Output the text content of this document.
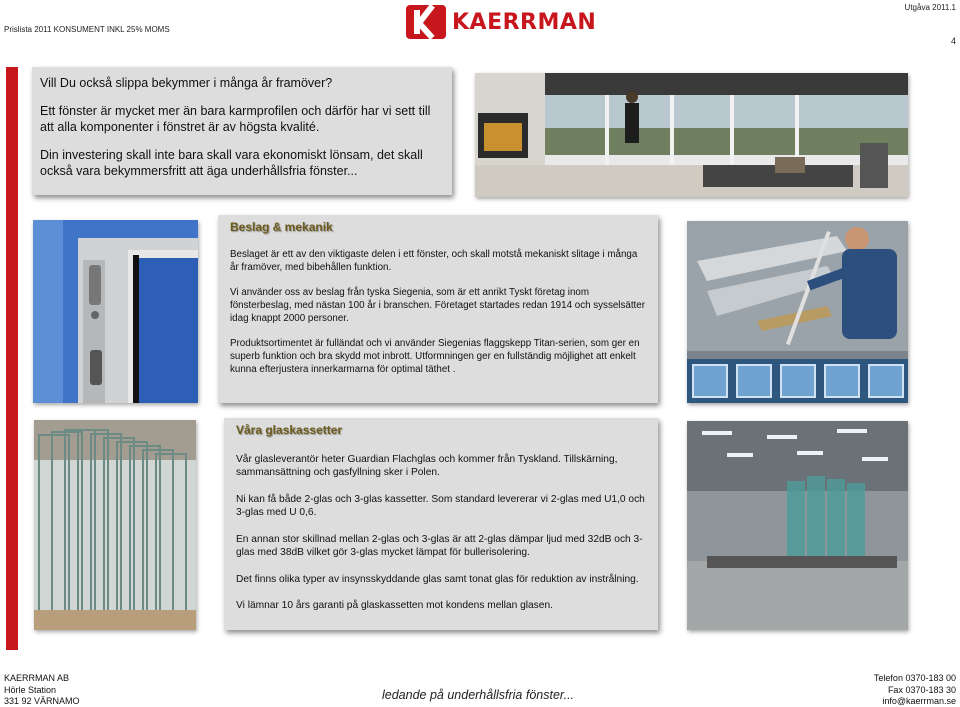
Prislista 2011 KONSUMENT INKL 25% MOMS	KAERRMAN
Utgåva 2011.1
4

Vill Du också slippa bekymmer i många år framöver?

Ett fönster är mycket mer än bara karmprofilen och därför har vi sett till att alla komponenter i fönstret är av högsta kvalité.

Din investering skall inte bara skall vara ekonomiskt lönsam, det skall också vara bekymmersfritt att äga underhållsfria fönster...

Beslag & mekanik

Beslaget är ett av den viktigaste delen i ett fönster, och skall motstå mekaniskt slitage i många år framöver, med bibehållen funktion.

Vi använder oss av beslag från tyska Siegenia, som är ett anrikt Tyskt företag inom fönsterbeslag, med nästan 100 år i branschen. Företaget startades redan 1914 och sysselsätter idag knappt 2000 personer.

Produktsortimentet är fulländat och vi använder Siegenias flaggskepp Titan-serien, som ger en superb funktion och bra skydd mot inbrott. Utformningen ger en fullständig möjlighet att enkelt kunna efterjustera innerkarmarna för optimal täthet .

Våra glaskassetter

Vår glasleverantör heter Guardian Flachglas och kommer från Tyskland. Tillskärning, sammansättning och gasfyllning sker i Polen.

Ni kan få både 2-glas och 3-glas kassetter. Som standard levererar vi 2-glas med U1,0 och 3-glas med U 0,6.

En annan stor skillnad mellan 2-glas och 3-glas är att 2-glas dämpar ljud med 32dB och 3-glas med 38dB vilket gör 3-glas mycket lämpat för bullerisolering.

Det finns olika typer av insynsskyddande glas samt tonat glas för reduktion av instrålning.

Vi lämnar 10 års garanti på glaskassetten mot kondens mellan glasen.

KAERRMAN AB
Hörle Station
331 92 VÄRNAMO	ledande på underhållsfria fönster...
Telefon 0370-183 00
Fax 0370-183 30
info@kaerrman.se
